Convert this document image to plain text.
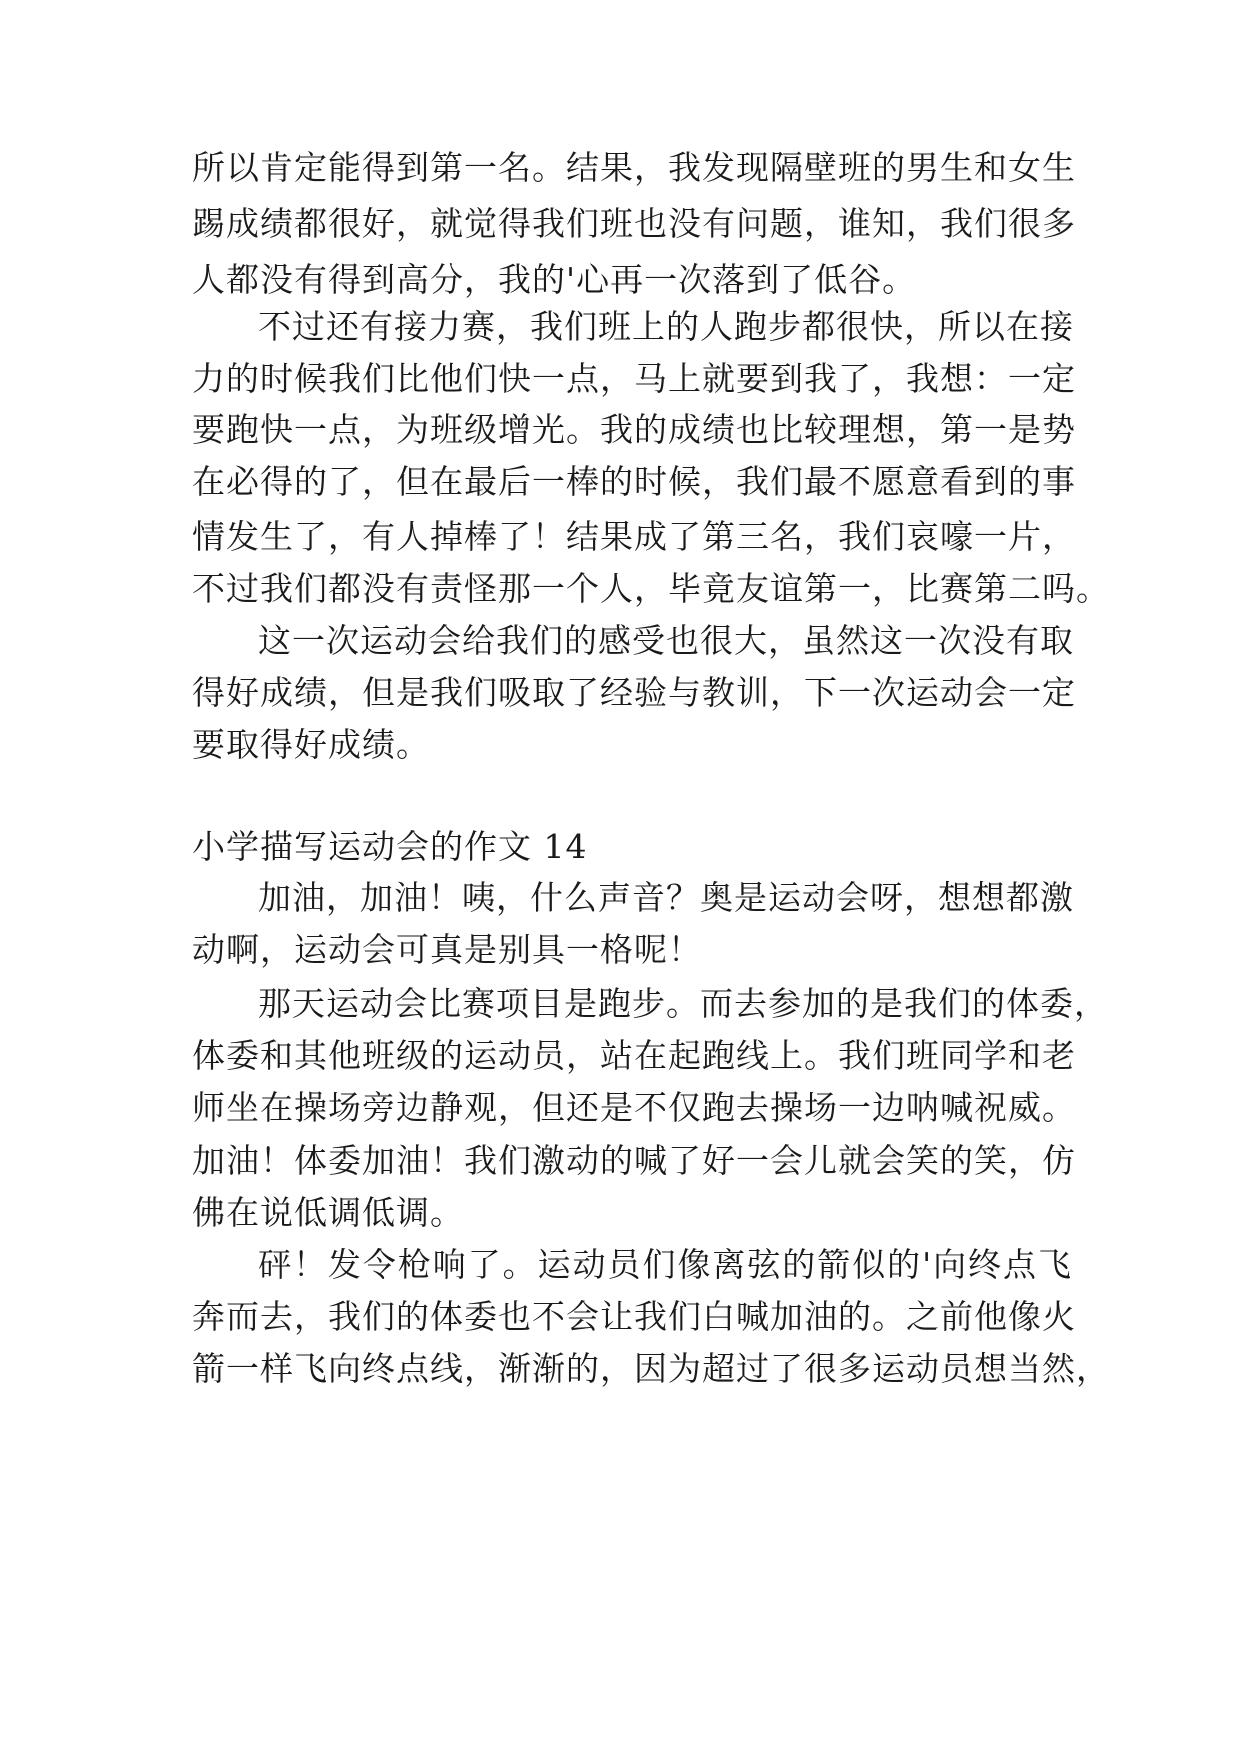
所以肯定能得到第一名。结果，我发现隔壁班的男生和女生
踢成绩都很好，就觉得我们班也没有问题，谁知，我们很多
人都没有得到高分，我的'心再一次落到了低谷。
不过还有接力赛，我们班上的人跑步都很快，所以在接
力的时候我们比他们快一点，马上就要到我了，我想：一定
要跑快一点，为班级增光。我的成绩也比较理想，第一是势
在必得的了，但在最后一棒的时候，我们最不愿意看到的事
情发生了，有人掉棒了！结果成了第三名，我们哀嚎一片，
不过我们都没有责怪那一个人，毕竟友谊第一，比赛第二吗。
这一次运动会给我们的感受也很大，虽然这一次没有取
得好成绩，但是我们吸取了经验与教训，下一次运动会一定
要取得好成绩。
小学描写运动会的作文 14
加油，加油！咦，什么声音？奥是运动会呀，想想都激
动啊，运动会可真是别具一格呢！
那天运动会比赛项目是跑步。而去参加的是我们的体委，
体委和其他班级的运动员，站在起跑线上。我们班同学和老
师坐在操场旁边静观，但还是不仅跑去操场一边呐喊祝威。
加油！体委加油！我们激动的喊了好一会儿就会笑的笑，仿
佛在说低调低调。
砰！发令枪响了。运动员们像离弦的箭似的'向终点飞
奔而去，我们的体委也不会让我们白喊加油的。之前他像火
箭一样飞向终点线，渐渐的，因为超过了很多运动员想当然，
